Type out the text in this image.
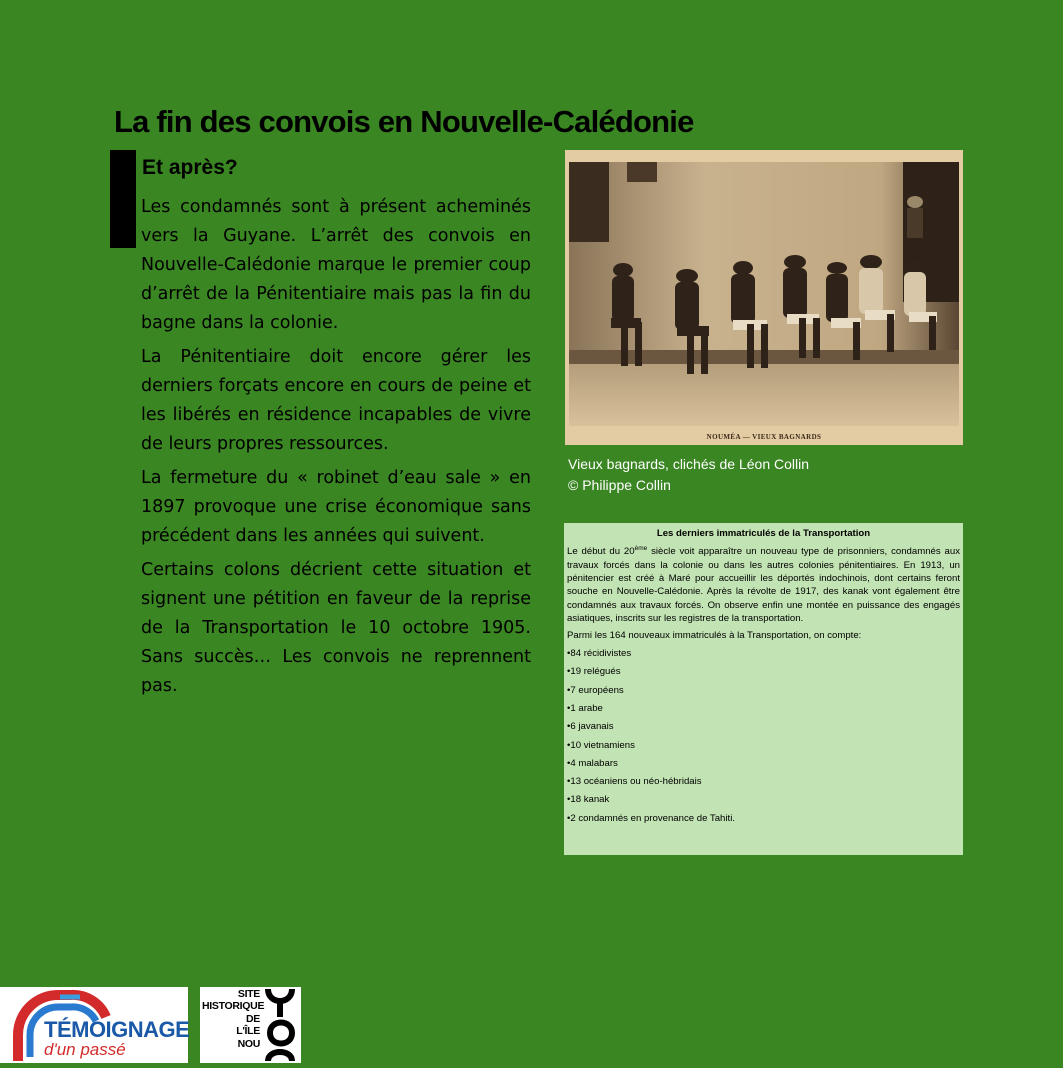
La fin des convois en Nouvelle-Calédonie
Et après?

Les condamnés sont à présent acheminés vers la Guyane. L’arrêt des convois en Nouvelle-Calédonie marque le premier coup d’arrêt de la Pénitentiaire mais pas la fin du bagne dans la colonie.

La Pénitentiaire doit encore gérer les derniers forçats encore en cours de peine et les libérés en résidence incapables de vivre de leurs propres ressources.

La fermeture du « robinet d’eau sale » en 1897 provoque une crise économique sans précédent dans les années qui suivent.

Certains colons décrient cette situation et signent une pétition en faveur de la reprise de la Transportation le 10 octobre 1905. Sans succès… Les convois ne reprennent pas.

NOUMÉA — VIEUX BAGNARDS
Vieux bagnards, clichés de Léon Collin
© Philippe Collin
Les derniers immatriculés de la Transportation
Le début du 20ème siècle voit apparaître un nouveau type de prisonniers, condamnés aux travaux forcés dans la colonie ou dans les autres colonies pénitentiaires. En 1913, un pénitencier est créé à Maré pour accueillir les déportés indochinois, dont certains feront souche en Nouvelle-Calédonie. Après la révolte de 1917, des kanak vont également être condamnés aux travaux forcés. On observe enfin une montée en puissance des engagés asiatiques, inscrits sur les registres de la transportation.
Parmi les 164 nouveaux immatriculés à la Transportation, on compte:
•84 récidivistes
•19 relégués
•7 européens
•1 arabe
•6 javanais
•10 vietnamiens
•4 malabars
•13 océaniens ou néo-hébridais
•18 kanak
•2 condamnés en provenance de Tahiti.
TÉMOIGNAGE
d'un passé
SITE
HISTORIQUE
DE
L'ÎLE
NOU
